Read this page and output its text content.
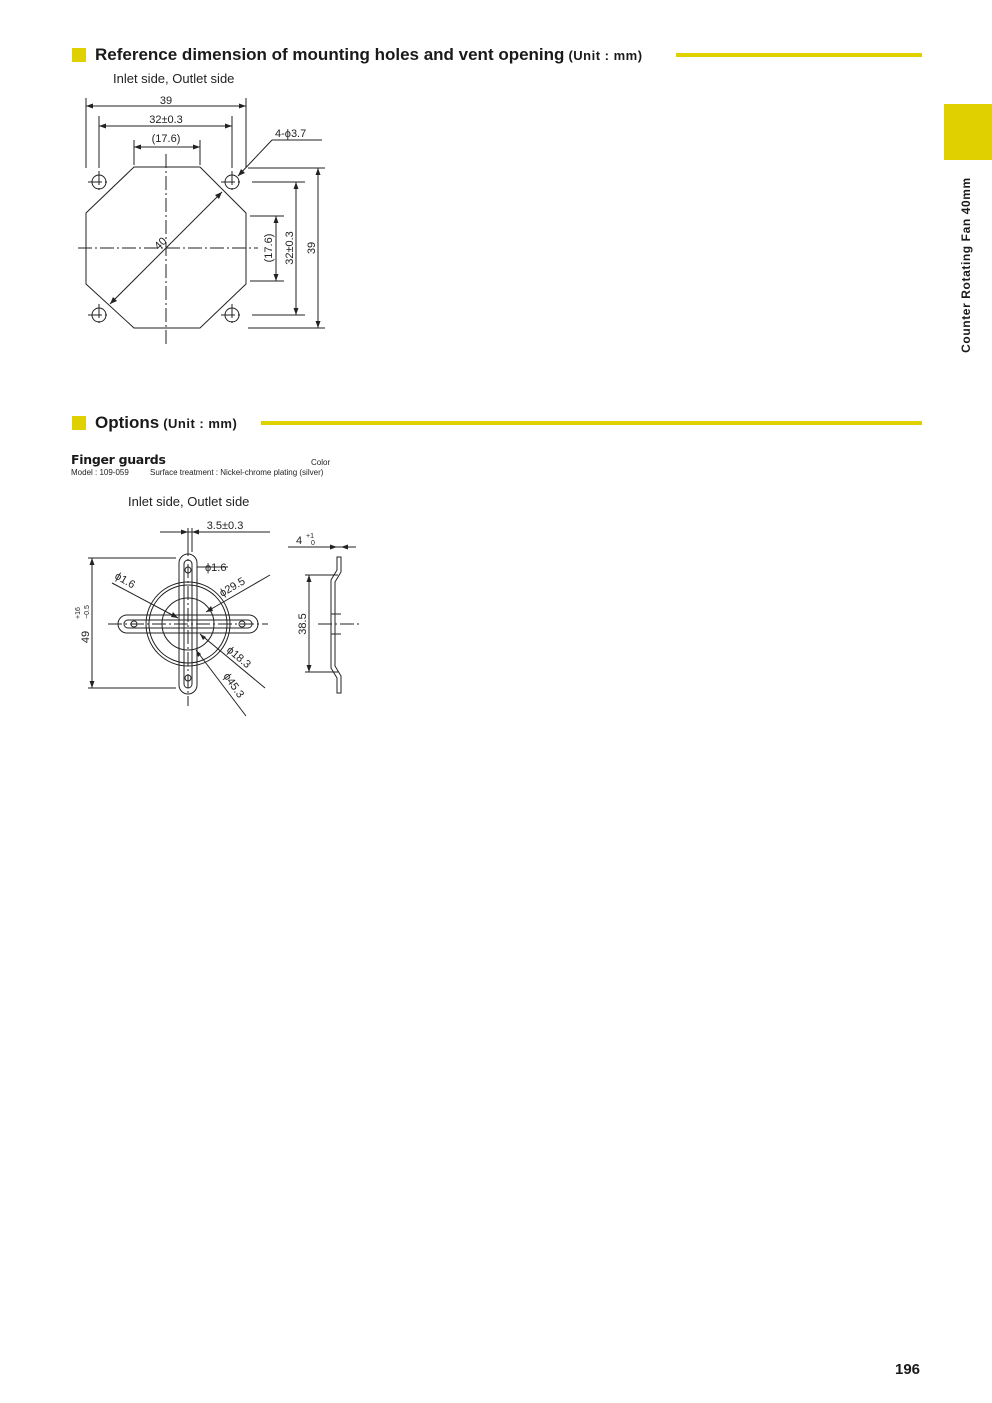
Reference dimension of mounting holes and vent opening (Unit : mm)
Inlet side, Outlet side
39
32±0.3
(17.6)	4-ϕ3.7
39
32±0.3
(17.6)
40	Counter Rotating Fan 40mm
Options (Unit : mm)
Finger guards	Color
Model : 109-059	Surface treatment : Nickel-chrome plating (silver)
Inlet side, Outlet side
3.5±0.3
ϕ1.6
ϕ1.6
ϕ29.5
ϕ18.3
ϕ45.3
38.5
49
4
+16 −0.5
+1
0
196
